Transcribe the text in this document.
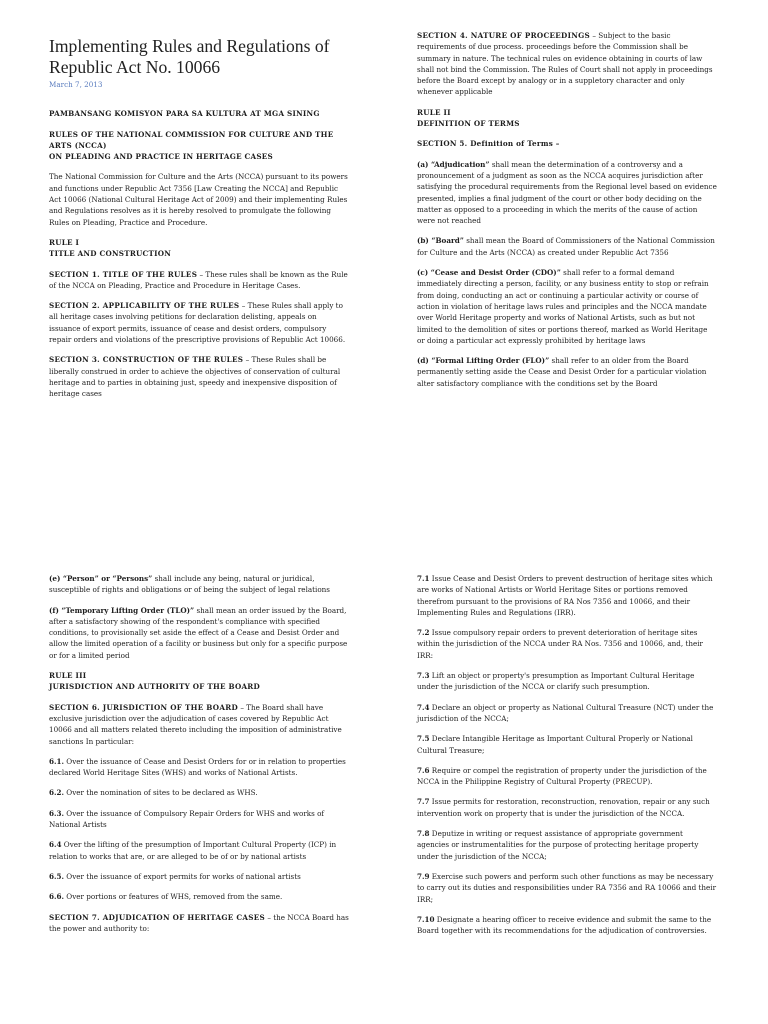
Implementing Rules and Regulations of Republic Act No. 10066
March 7, 2013
PAMBANSANG KOMISYON PARA SA KULTURA AT MGA SINING
RULES OF THE NATIONAL COMMISSION FOR CULTURE AND THE ARTS (NCCA)
ON PLEADING AND PRACTICE IN HERITAGE CASES

The National Commission for Culture and the Arts (NCCA) pursuant to its powers and functions under Republic Act 7356 [Law Creating the NCCA] and Republic Act 10066 (National Cultural Heritage Act of 2009) and their implementing Rules and Regulations resolves as it is hereby resolved to promulgate the following Rules on Pleading, Practice and Procedure.

RULE I
TITLE AND CONSTRUCTION

SECTION 1. TITLE OF THE RULES – These rules shall be known as the Rule of the NCCA on Pleading, Practice and Procedure in Heritage Cases.

SECTION 2. APPLICABILITY OF THE RULES – These Rules shall apply to all heritage cases involving petitions for declaration delisting, appeals on issuance of export permits, issuance of cease and desist orders, compulsory repair orders and violations of the prescriptive provisions of Republic Act 10066.

SECTION 3. CONSTRUCTION OF THE RULES – These Rules shall be liberally construed in order to achieve the objectives of conservation of cultural heritage and to parties in obtaining just, speedy and inexpensive disposition of heritage cases

SECTION 4. NATURE OF PROCEEDINGS – Subject to the basic requirements of due process. proceedings before the Commission shall be summary in nature. The technical rules on evidence obtaining in courts of law shall not bind the Commission. The Rules of Court shall not apply in proceedings before the Board except by analogy or in a suppletory character and only whenever applicable

RULE II
DEFINITION OF TERMS
SECTION 5. Definition of Terms –

(a) “Adjudication” shall mean the determination of a controversy and a pronouncement of a judgment as soon as the NCCA acquires jurisdiction after satisfying the procedural requirements from the Regional level based on evidence presented, implies a final judgment of the court or other body deciding on the matter as opposed to a proceeding in which the merits of the cause of action were not reached

(b) “Board” shall mean the Board of Commissioners of the National Commission for Culture and the Arts (NCCA) as created under Republic Act 7356

(c) “Cease and Desist Order (CDO)” shall refer to a formal demand immediately directing a person, facility, or any business entity to stop or refrain from doing, conducting an act or continuing a particular activity or course of action in violation of heritage laws rules and principles and the NCCA mandate over World Heritage property and works of National Artists, such as but not limited to the demolition of sites or portions thereof, marked as World Heritage or doing a particular act expressly prohibited by heritage laws

(d) “Formal Lifting Order (FLO)” shall refer to an older from the Board permanently setting aside the Cease and Desist Order for a particular violation alter satisfactory compliance with the conditions set by the Board

(e) “Person” or “Persons” shall include any being, natural or juridical, susceptible of rights and obligations or of being the subject of legal relations

(f) “Temporary Lifting Order (TLO)” shall mean an order issued by the Board, after a satisfactory showing of the respondent's compliance with specified conditions, to provisionally set aside the effect of a Cease and Desist Order and allow the limited operation of a facility or business but only for a specific purpose or for a limited period

RULE III
JURISDICTION AND AUTHORITY OF THE BOARD

SECTION 6. JURISDICTION OF THE BOARD – The Board shall have exclusive jurisdiction over the adjudication of cases covered by Republic Act 10066 and all matters related thereto including the imposition of administrative sanctions In particular:

6.1. Over the issuance of Cease and Desist Orders for or in relation to properties declared World Heritage Sites (WHS) and works of National Artists.

6.2. Over the nomination of sites to be declared as WHS.

6.3. Over the issuance of Compulsory Repair Orders for WHS and works of National Artists

6.4 Over the lifting of the presumption of Important Cultural Property (ICP) in relation to works that are, or are alleged to be of or by national artists

6.5. Over the issuance of export permits for works of national artists

6.6. Over portions or features of WHS, removed from the same.

SECTION 7. ADJUDICATION OF HERITAGE CASES – the NCCA Board has the power and authority to:

7.1 Issue Cease and Desist Orders to prevent destruction of heritage sites which are works of National Artists or World Heritage Sites or portions removed therefrom pursuant to the provisions of RA Nos 7356 and 10066, and their Implementing Rules and Regulations (IRR).

7.2 Issue compulsory repair orders to prevent deterioration of heritage sites within the jurisdiction of the NCCA under RA Nos. 7356 and 10066, and, their IRR:

7.3 Lift an object or property's presumption as Important Cultural Heritage under the jurisdiction of the NCCA or clarify such presumption.

7.4 Declare an object or property as National Cultural Treasure (NCT) under the jurisdiction of the NCCA;

7.5 Declare Intangible Heritage as Important Cultural Properly or National Cultural Treasure;

7.6 Require or compel the registration of property under the jurisdiction of the NCCA in the Philippine Registry of Cultural Property (PRECUP).

7.7 Issue permits for restoration, reconstruction, renovation, repair or any such intervention work on property that is under the jurisdiction of the NCCA.

7.8 Deputize in writing or request assistance of appropriate government agencies or instrumentalities for the purpose of protecting heritage property under the jurisdiction of the NCCA;

7.9 Exercise such powers and perform such other functions as may be necessary to carry out its duties and responsibilities under RA 7356 and RA 10066 and their IRR;

7.10 Designate a hearing officer to receive evidence and submit the same to the Board together with its recommendations for the adjudication of controversies.
